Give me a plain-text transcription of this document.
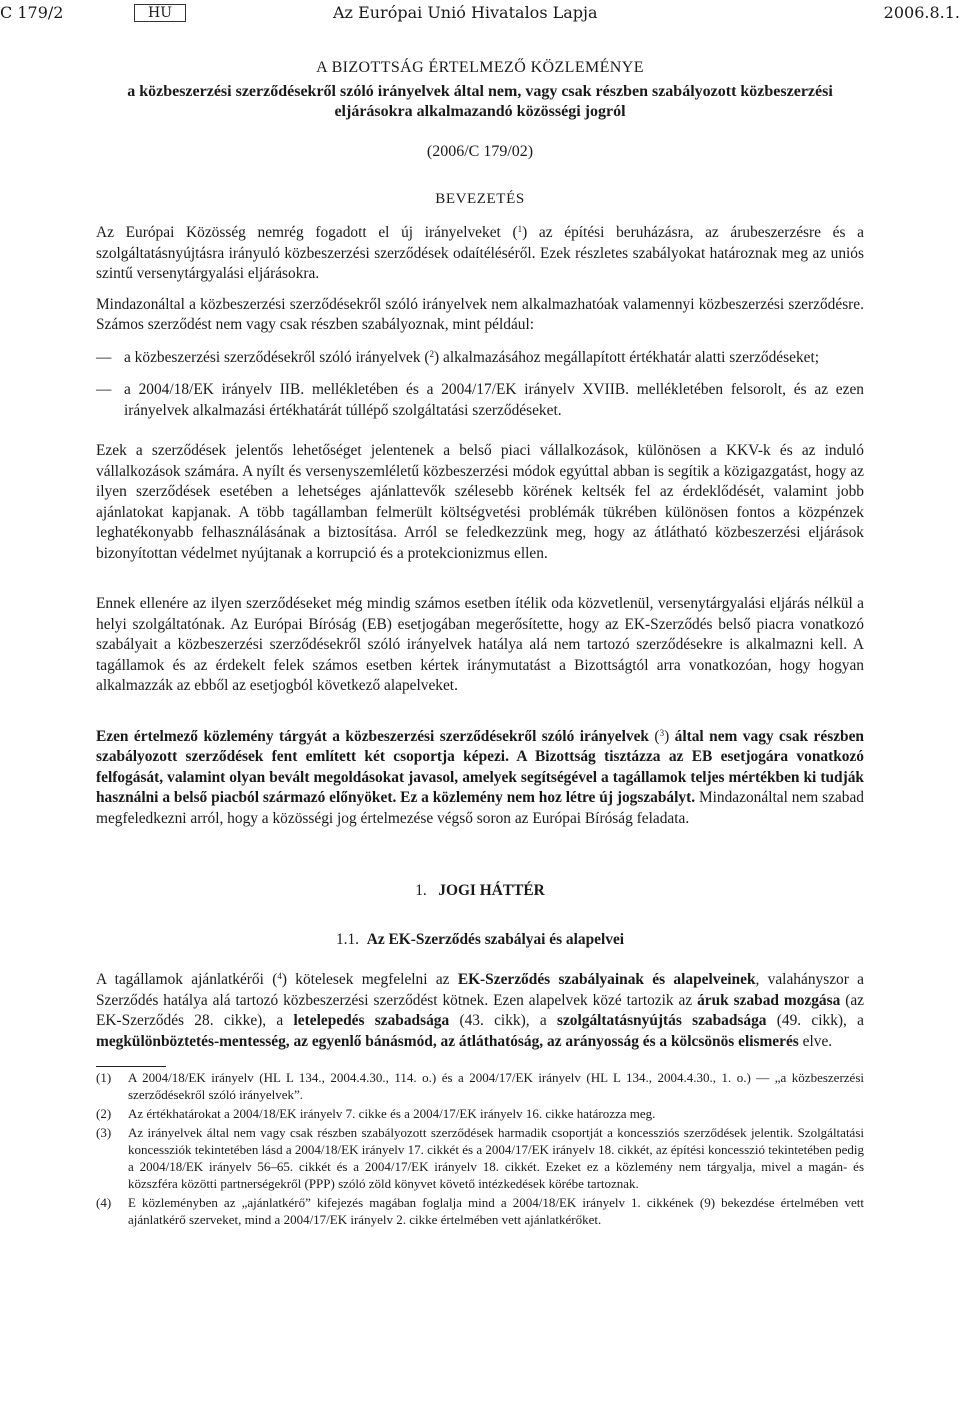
C 179/2	HU	Az Európai Unió Hivatalos Lapja	2006.8.1.
A BIZOTTSÁG ÉRTELMEZŐ KÖZLEMÉNYE
a közbeszerzési szerződésekről szóló irányelvek által nem, vagy csak részben szabályozott közbeszerzési eljárásokra alkalmazandó közösségi jogról
(2006/C 179/02)
BEVEZETÉS

Az Európai Közösség nemrég fogadott el új irányelveket ($^1$) az építési beruházásra, az árubeszerzésre és a szolgáltatásnyújtásra irányuló közbeszerzési szerződések odaítéléséről. Ezek részletes szabályokat határoznak meg az uniós szintű versenytárgyalási eljárásokra.

Mindazonáltal a közbeszerzési szerződésekről szóló irányelvek nem alkalmazhatóak valamennyi közbeszerzési szerződésre. Számos szerződést nem vagy csak részben szabályoznak, mint például:

— a közbeszerzési szerződésekről szóló irányelvek ($^2$) alkalmazásához megállapított értékhatár alatti szerződéseket;
— a 2004/18/EK irányelv IIB. mellékletében és a 2004/17/EK irányelv XVIIB. mellékletében felsorolt, és az ezen irányelvek alkalmazási értékhatárát túllépő szolgáltatási szerződéseket.

Ezek a szerződések jelentős lehetőséget jelentenek a belső piaci vállalkozások, különösen a KKV-k és az induló vállalkozások számára. A nyílt és versenyszemléletű közbeszerzési módok egyúttal abban is segítik a közigazgatást, hogy az ilyen szerződések esetében a lehetséges ajánlattevők szélesebb körének keltsék fel az érdeklődését, valamint jobb ajánlatokat kapjanak. A több tagállamban felmerült költségvetési problémák tükrében különösen fontos a közpénzek leghatékonyabb felhasználásának a biztosítása. Arról se feledkezzünk meg, hogy az átlátható közbeszerzési eljárások bizonyítottan védelmet nyújtanak a korrupció és a protekcionizmus ellen.

Ennek ellenére az ilyen szerződéseket még mindig számos esetben ítélik oda közvetlenül, versenytárgyalási eljárás nélkül a helyi szolgáltatónak. Az Európai Bíróság (EB) esetjogában megerősítette, hogy az EK-Szerződés belső piacra vonatkozó szabályait a közbeszerzési szerződésekről szóló irányelvek hatálya alá nem tartozó szerződésekre is alkalmazni kell. A tagállamok és az érdekelt felek számos esetben kértek iránymutatást a Bizottságtól arra vonatkozóan, hogy hogyan alkalmazzák az ebből az esetjogból következő alapelveket.

Ezen értelmező közlemény tárgyát a közbeszerzési szerződésekről szóló irányelvek ($^3$) által nem vagy csak részben szabályozott szerződések fent említett két csoportja képezi. A Bizottság tisztázza az EB esetjogára vonatkozó felfogását, valamint olyan bevált megoldásokat javasol, amelyek segítségével a tagállamok teljes mértékben ki tudják használni a belső piacból származó előnyöket. Ez a közlemény nem hoz létre új jogszabályt. Mindazonáltal nem szabad megfeledkezni arról, hogy a közösségi jog értelmezése végső soron az Európai Bíróság feladata.

1. JOGI HÁTTÉR
1.1. Az EK-Szerződés szabályai és alapelvei

A tagállamok ajánlatkérői ($^4$) kötelesek megfelelni az EK-Szerződés szabályainak és alapelveinek, valahányszor a Szerződés hatálya alá tartozó közbeszerzési szerződést kötnek. Ezen alapelvek közé tartozik az áruk szabad mozgása (az EK-Szerződés 28. cikke), a letelepedés szabadsága (43. cikk), a szolgáltatásnyújtás szabadsága (49. cikk), a megkülönböztetés-mentesség, az egyenlő bánásmód, az átláthatóság, az arányosság és a kölcsönös elismerés elve.

(1) A 2004/18/EK irányelv (HL L 134., 2004.4.30., 114. o.) és a 2004/17/EK irányelv (HL L 134., 2004.4.30., 1. o.) — „a közbeszerzési szerződésekről szóló irányelvek”.
(2) Az értékhatárokat a 2004/18/EK irányelv 7. cikke és a 2004/17/EK irányelv 16. cikke határozza meg.
(3) Az irányelvek által nem vagy csak részben szabályozott szerződések harmadik csoportját a koncessziós szerződések jelentik. Szolgáltatási koncessziók tekintetében lásd a 2004/18/EK irányelv 17. cikkét és a 2004/17/EK irányelv 18. cikkét, az építési koncesszió tekintetében pedig a 2004/18/EK irányelv 56–65. cikkét és a 2004/17/EK irányelv 18. cikkét. Ezeket ez a közlemény nem tárgyalja, mivel a magán- és közszféra közötti partnerségekről (PPP) szóló zöld könyvet követő intézkedések körébe tartoznak.
(4) E közleményben az „ajánlatkérő” kifejezés magában foglalja mind a 2004/18/EK irányelv 1. cikkének (9) bekezdése értelmében vett ajánlatkérő szerveket, mind a 2004/17/EK irányelv 2. cikke értelmében vett ajánlatkérőket.
